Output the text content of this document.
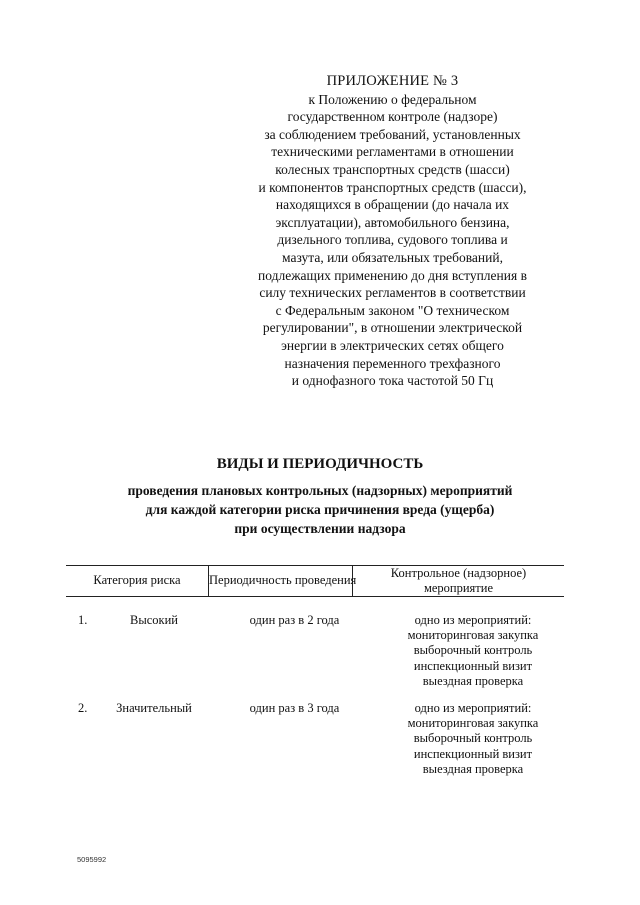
ПРИЛОЖЕНИЕ № 3
к Положению о федеральном
государственном контроле (надзоре)
за соблюдением требований, установленных
техническими регламентами в отношении
колесных транспортных средств (шасси)
и компонентов транспортных средств (шасси),
находящихся в обращении (до начала их
эксплуатации), автомобильного бензина,
дизельного топлива, судового топлива и
мазута, или обязательных требований,
подлежащих применению до дня вступления в
силу технических регламентов в соответствии
с Федеральным законом "О техническом
регулировании", в отношении электрической
энергии в электрических сетях общего
назначения переменного трехфазного
и однофазного тока частотой 50 Гц
ВИДЫ И ПЕРИОДИЧНОСТЬ
проведения плановых контрольных (надзорных) мероприятий
для каждой категории риска причинения вреда (ущерба)
при осуществлении надзора
Категория риска	Периодичность проведения	Контрольное (надзорное)
мероприятие
1.	Высокий	один раз в 2 года	одно из мероприятий:
мониторинговая закупка
выборочный контроль
инспекционный визит
выездная проверка
2.	Значительный	один раз в 3 года	одно из мероприятий:
мониторинговая закупка
выборочный контроль
инспекционный визит
выездная проверка
5095992
